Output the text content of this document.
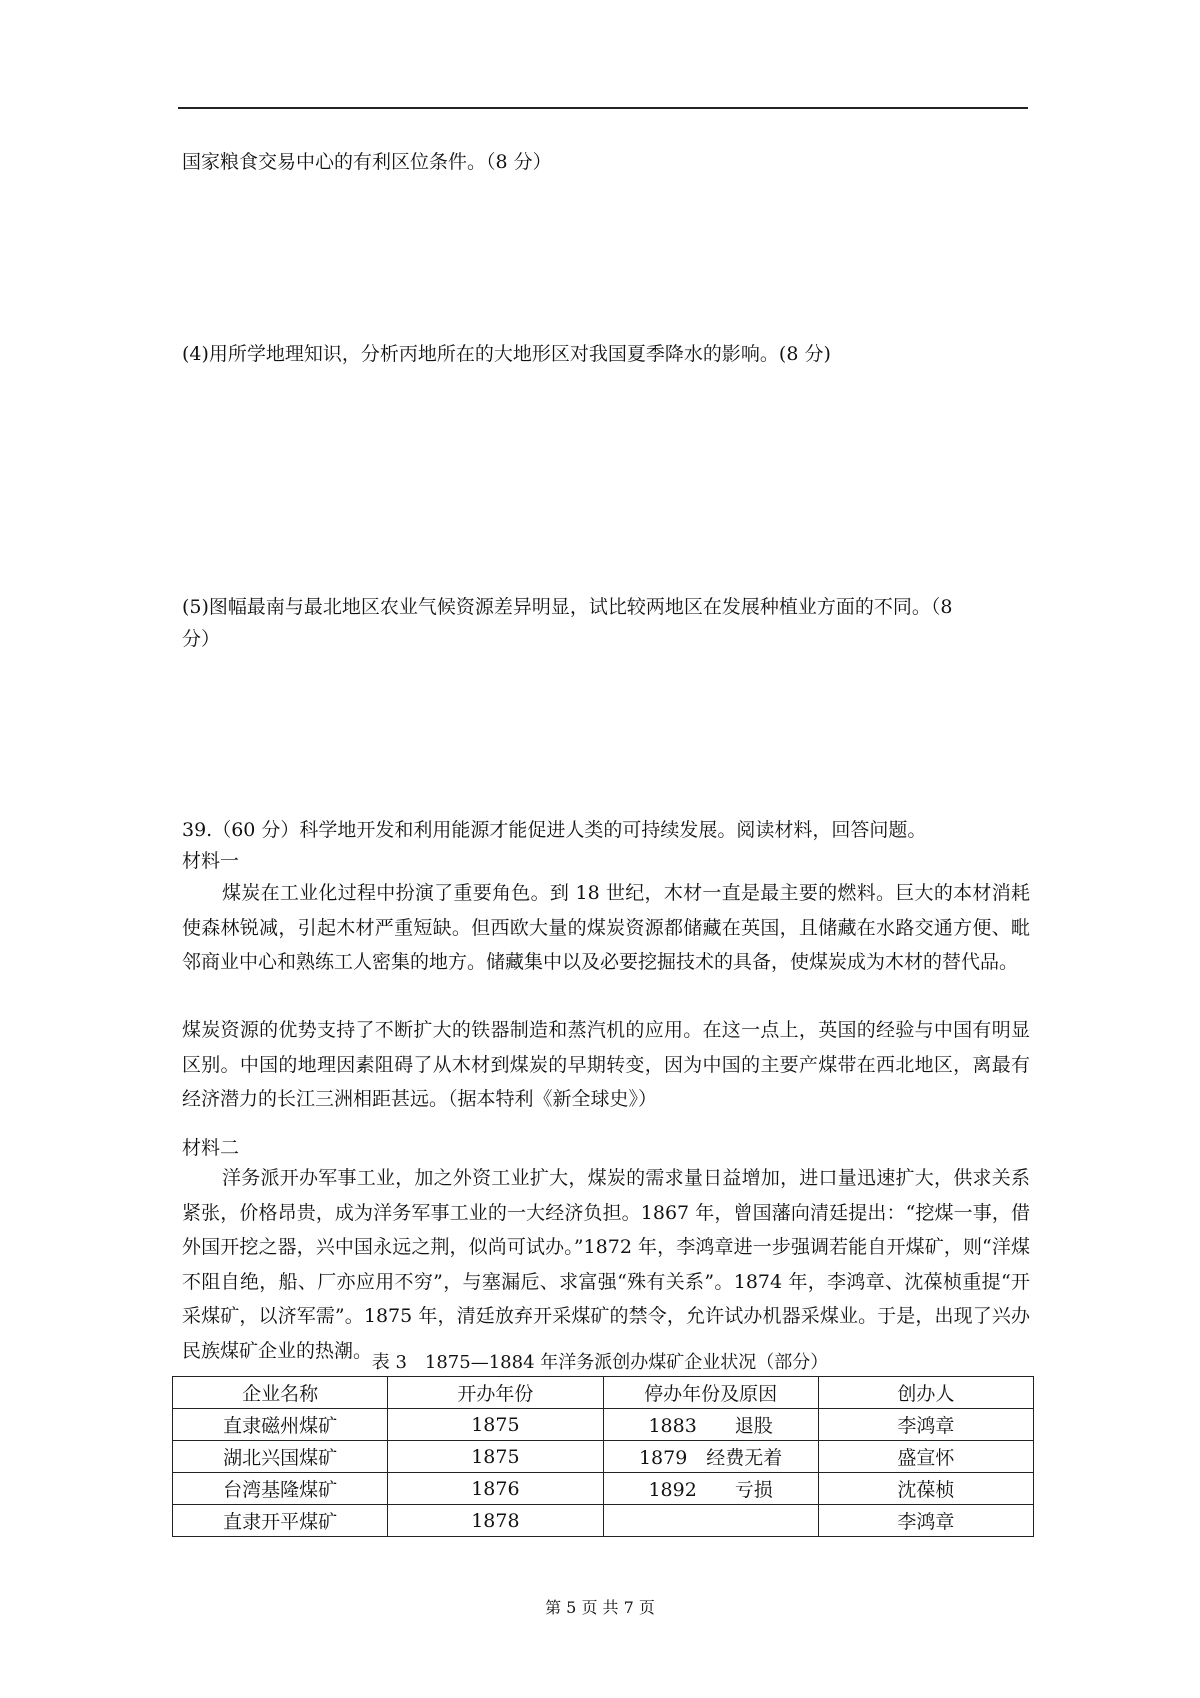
国家粮食交易中心的有利区位条件。（8 分）
(4)用所学地理知识，分析丙地所在的大地形区对我国夏季降水的影响。(8 分)
(5)图幅最南与最北地区农业气候资源差异明显，试比较两地区在发展种植业方面的不同。（8
分）
39.（60 分）科学地开发和利用能源才能促进人类的可持续发展。阅读材料，回答问题。
材料一
煤炭在工业化过程中扮演了重要角色。到 18 世纪，木材一直是最主要的燃料。巨大的本材消耗使森林锐减，引起木材严重短缺。但西欧大量的煤炭资源都储藏在英国，且储藏在水路交通方便、毗邻商业中心和熟练工人密集的地方。储藏集中以及必要挖掘技术的具备，使煤炭成为木材的替代品。
煤炭资源的优势支持了不断扩大的铁器制造和蒸汽机的应用。在这一点上，英国的经验与中国有明显区别。中国的地理因素阻碍了从木材到煤炭的早期转变，因为中国的主要产煤带在西北地区，离最有经济潜力的长江三洲相距甚远。（据本特利《新全球史》）
材料二
洋务派开办军事工业，加之外资工业扩大，煤炭的需求量日益增加，进口量迅速扩大，供求关系紧张，价格昂贵，成为洋务军事工业的一大经济负担。1867 年，曾国藩向清廷提出：“挖煤一事，借外国开挖之器，兴中国永远之荆，似尚可试办。”1872 年，李鸿章进一步强调若能自开煤矿，则“洋煤不阻自绝，船、厂亦应用不穷”，与塞漏卮、求富强“殊有关系”。1874 年，李鸿章、沈葆桢重提“开采煤矿，以济军需”。1875 年，清廷放弃开采煤矿的禁令，允许试办机器采煤业。于是，出现了兴办民族煤矿企业的热潮。
表 3　1875—1884 年洋务派创办煤矿企业状况（部分）
企业名称	开办年份	停办年份及原因	创办人
直隶磁州煤矿	1875	1883　　退股	李鸿章
湖北兴国煤矿	1875	1879　经费无着	盛宣怀
台湾基隆煤矿	1876	1892　　亏损	沈葆桢
直隶开平煤矿	1878		李鸿章
第 5 页 共 7 页
